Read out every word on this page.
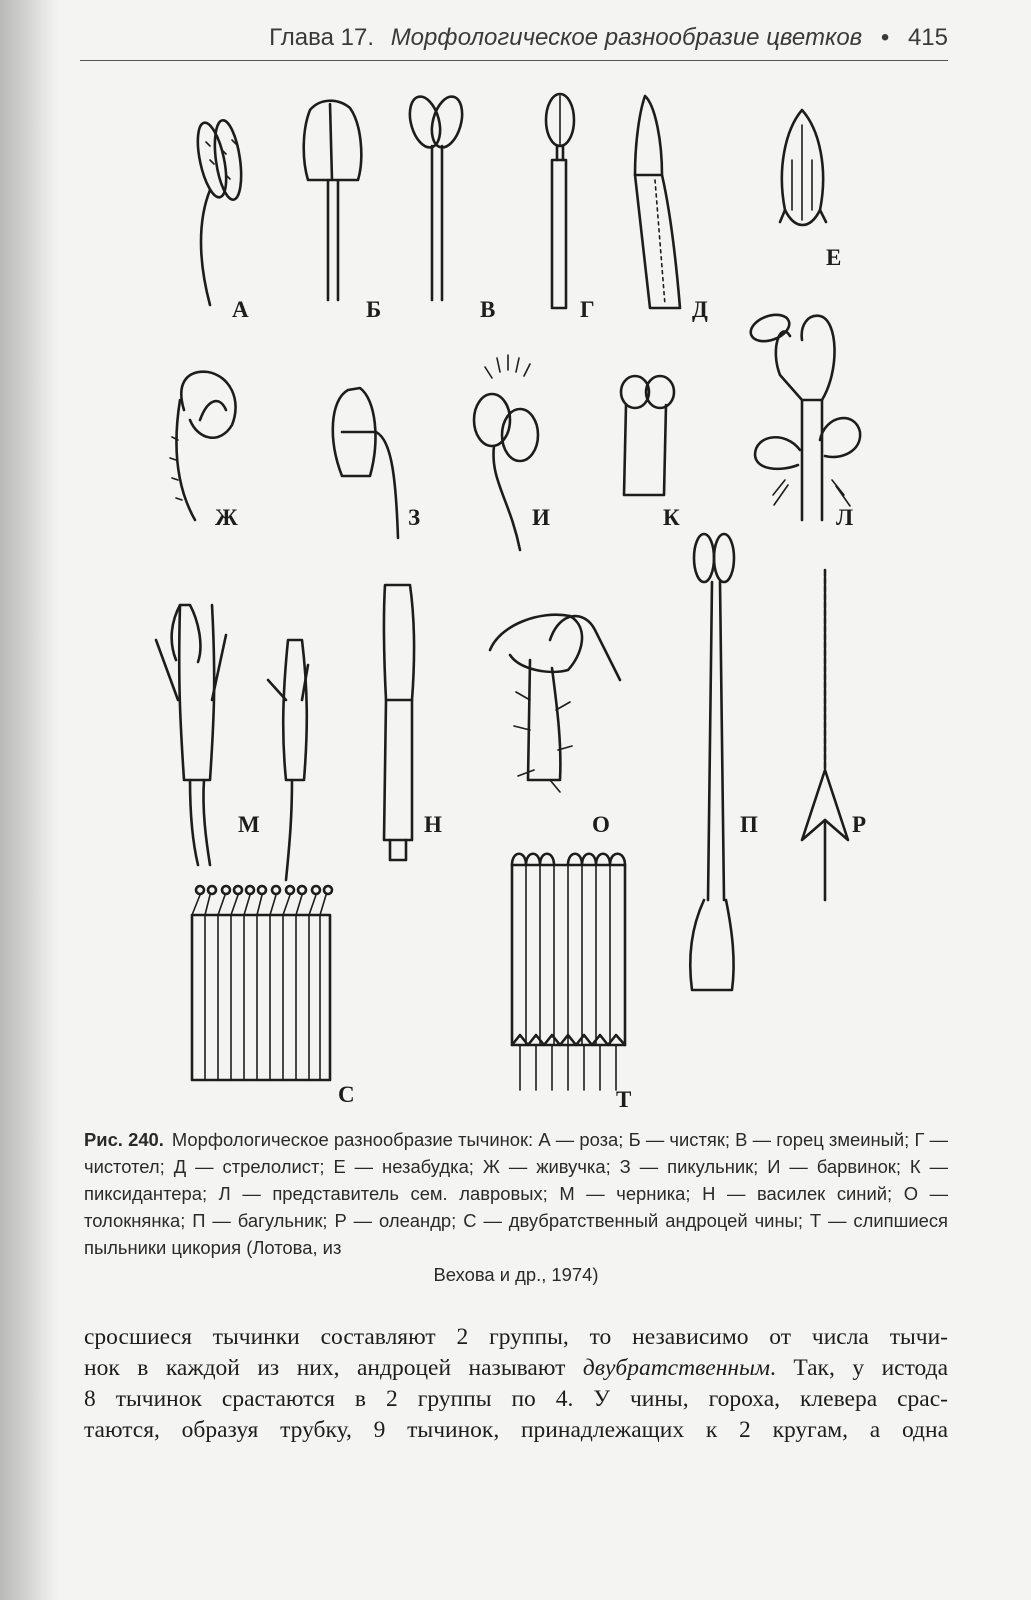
Глава 17. Морфологическое разнообразие цветков • 415
А	Б	В	Г	Д
Е
Ж	З	И	К	Л
М	Н	О	П	Р
С	Т
Рис. 240. Морфологическое разнообразие тычинок: А — роза; Б — чистяк; В — горец змеиный; Г — чистотел; Д — стрелолист; Е — незабудка; Ж — живучка; З — пикульник; И — барвинок; К — пиксидантера; Л — представитель сем. лавровых; М — черника; Н — василек синий; О — толокнянка; П — багульник; Р — олеандр; С — двубратственный андроцей чины; Т — слипшиеся пыльники цикория (Лотова, из
Вехова и др., 1974)
сросшиеся тычинки составляют 2 группы, то независимо от числа тычи-
нок в каждой из них, андроцей называют двубратственным. Так, у истода
8 тычинок срастаются в 2 группы по 4. У чины, гороха, клевера срас-
таются, образуя трубку, 9 тычинок, принадлежащих к 2 кругам, а одна
